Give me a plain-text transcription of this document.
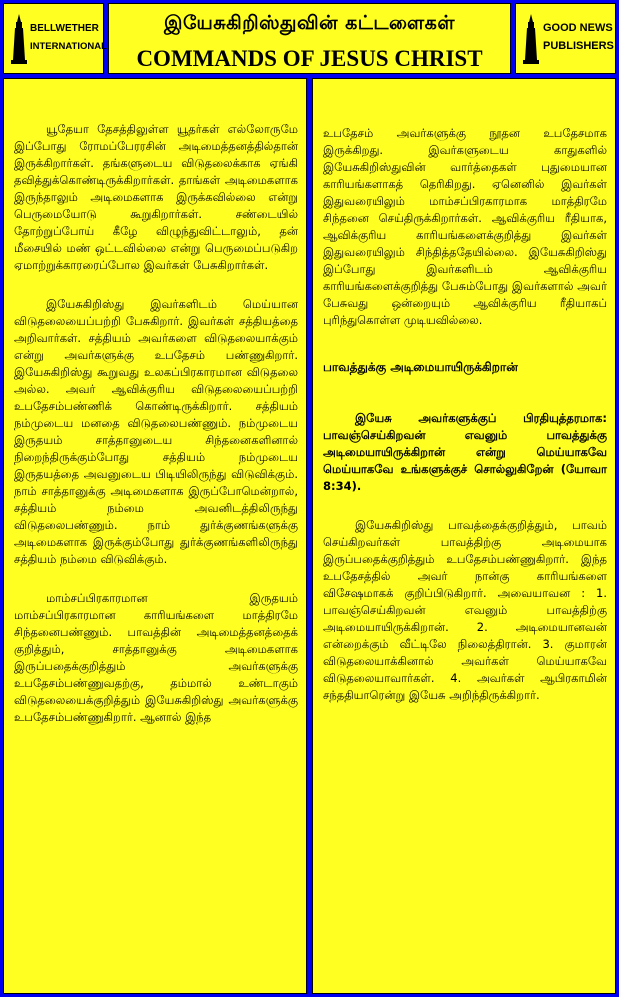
BELLWETHER
INTERNATIONAL
இயேசுகிறிஸ்துவின் கட்டளைகள்
COMMANDS OF JESUS CHRIST
GOOD NEWS
PUBLISHERS

யூதேயா தேசத்திலுள்ள யூதர்கள் எல்லோருமே இப்போது ரோமப்பேரரசின் அடிமைத்தனத்தில்தான் இருக்கிறார்கள். தங்களுடைய விடுதலைக்காக ஏங்கி தவித்துக்கொண்டிருக்கிறார்கள். தாங்கள் அடிமைகளாக இருந்தாலும் அடிமைகளாக இருக்கவில்லை என்று பெருமையோடு கூறுகிறார்கள். சண்டையில் தோற்றுப்போய் கீழே விழுந்துவிட்டாலும், தன் மீசையில் மண் ஒட்டவில்லை என்று பெருமைப்படுகிற ஏமாற்றுக்காரரைப்போல இவர்கள் பேசுகிறார்கள்.

இயேசுகிறிஸ்து இவர்களிடம் மெய்யான விடுதலையைப்பற்றி பேசுகிறார். இவர்கள் சத்தியத்தை அறிவார்கள். சத்தியம் அவர்களை விடுதலையாக்கும் என்று அவர்களுக்கு உபதேசம் பண்ணுகிறார். இயேசுகிறிஸ்து கூறுவது உலகப்பிரகாரமான விடுதலை அல்ல. அவர் ஆவிக்குரிய விடுதலையைப்பற்றி உபதேசம்பண்ணிக் கொண்டிருக்கிறார். சத்தியம் நம்முடைய மனதை விடுதலைபண்ணும். நம்முடைய இருதயம் சாத்தானுடைய சிந்தனைகளினால் நிறைந்திருக்கும்போது சத்தியம் நம்முடைய இருதயத்தை அவனுடைய பிடியிலிருந்து விடுவிக்கும். நாம் சாத்தானுக்கு அடிமைகளாக இருப்போமென்றால், சத்தியம் நம்மை அவனிடத்திலிருந்து விடுதலைபண்ணும். நாம் துர்க்குணங்களுக்கு அடிமைகளாக இருக்கும்போது துர்க்குணங்களிலிருந்து சத்தியம் நம்மை விடுவிக்கும்.

மாம்சப்பிரகாரமான இருதயம் மாம்சப்பிரகாரமான காரியங்களை மாத்திரமே சிந்தனைபண்ணும். பாவத்தின் அடிமைத்தனத்தைக் குறித்தும், சாத்தானுக்கு அடிமைகளாக இருப்பதைக்குறித்தும் அவர்களுக்கு உபதேசம்பண்ணுவதற்கு, தம்மால் உண்டாகும் விடுதலையைக்குறித்தும் இயேசுகிறிஸ்து அவர்களுக்கு உபதேசம்பண்ணுகிறார். ஆனால் இந்த

உபதேசம் அவர்களுக்கு நூதன உபதேசமாக இருக்கிறது. இவர்களுடைய காதுகளில் இயேசுகிறிஸ்துவின் வார்த்தைகள் புதுமையான காரியங்களாகத் தெரிகிறது. ஏனெனில் இவர்கள் இதுவரையிலும் மாம்சப்பிரகாரமாக மாத்திரமே சிந்தனை செய்திருக்கிறார்கள். ஆவிக்குரிய ரீதியாக, ஆவிக்குரிய காரியங்களைக்குறித்து இவர்கள் இதுவரையிலும் சிந்தித்ததேயில்லை. இயேசுகிறிஸ்து இப்போது இவர்களிடம் ஆவிக்குரிய காரியங்களைக்குறித்து பேசும்போது இவர்களால் அவர் பேசுவது ஒன்றையும் ஆவிக்குரிய ரீதியாகப் புரிந்துகொள்ள முடியவில்லை.

பாவத்துக்கு அடிமையாயிருக்கிறான்

இயேசு அவர்களுக்குப் பிரதியுத்தரமாக: பாவஞ்செய்கிறவன் எவனும் பாவத்துக்கு அடிமையாயிருக்கிறான் என்று மெய்யாகவே மெய்யாகவே உங்களுக்குச் சொல்லுகிறேன் (யோவா 8:34).

இயேசுகிறிஸ்து பாவத்தைக்குறித்தும், பாவம் செய்கிறவர்கள் பாவத்திற்கு அடிமையாக இருப்பதைக்குறித்தும் உபதேசம்பண்ணுகிறார். இந்த உபதேசத்தில் அவர் நான்கு காரியங்களை விசேஷமாகக் குறிப்பிடுகிறார். அவையாவன : 1. பாவஞ்செய்கிறவன் எவனும் பாவத்திற்கு அடிமையாயிருக்கிறான். 2. அடிமையானவன் என்றைக்கும் வீட்டிலே நிலைத்திரான். 3. குமாரன் விடுதலையாக்கினால் அவர்கள் மெய்யாகவே விடுதலையாவார்கள். 4. அவர்கள் ஆபிரகாமின் சந்ததியாரென்று இயேசு அறிந்திருக்கிறார்.
